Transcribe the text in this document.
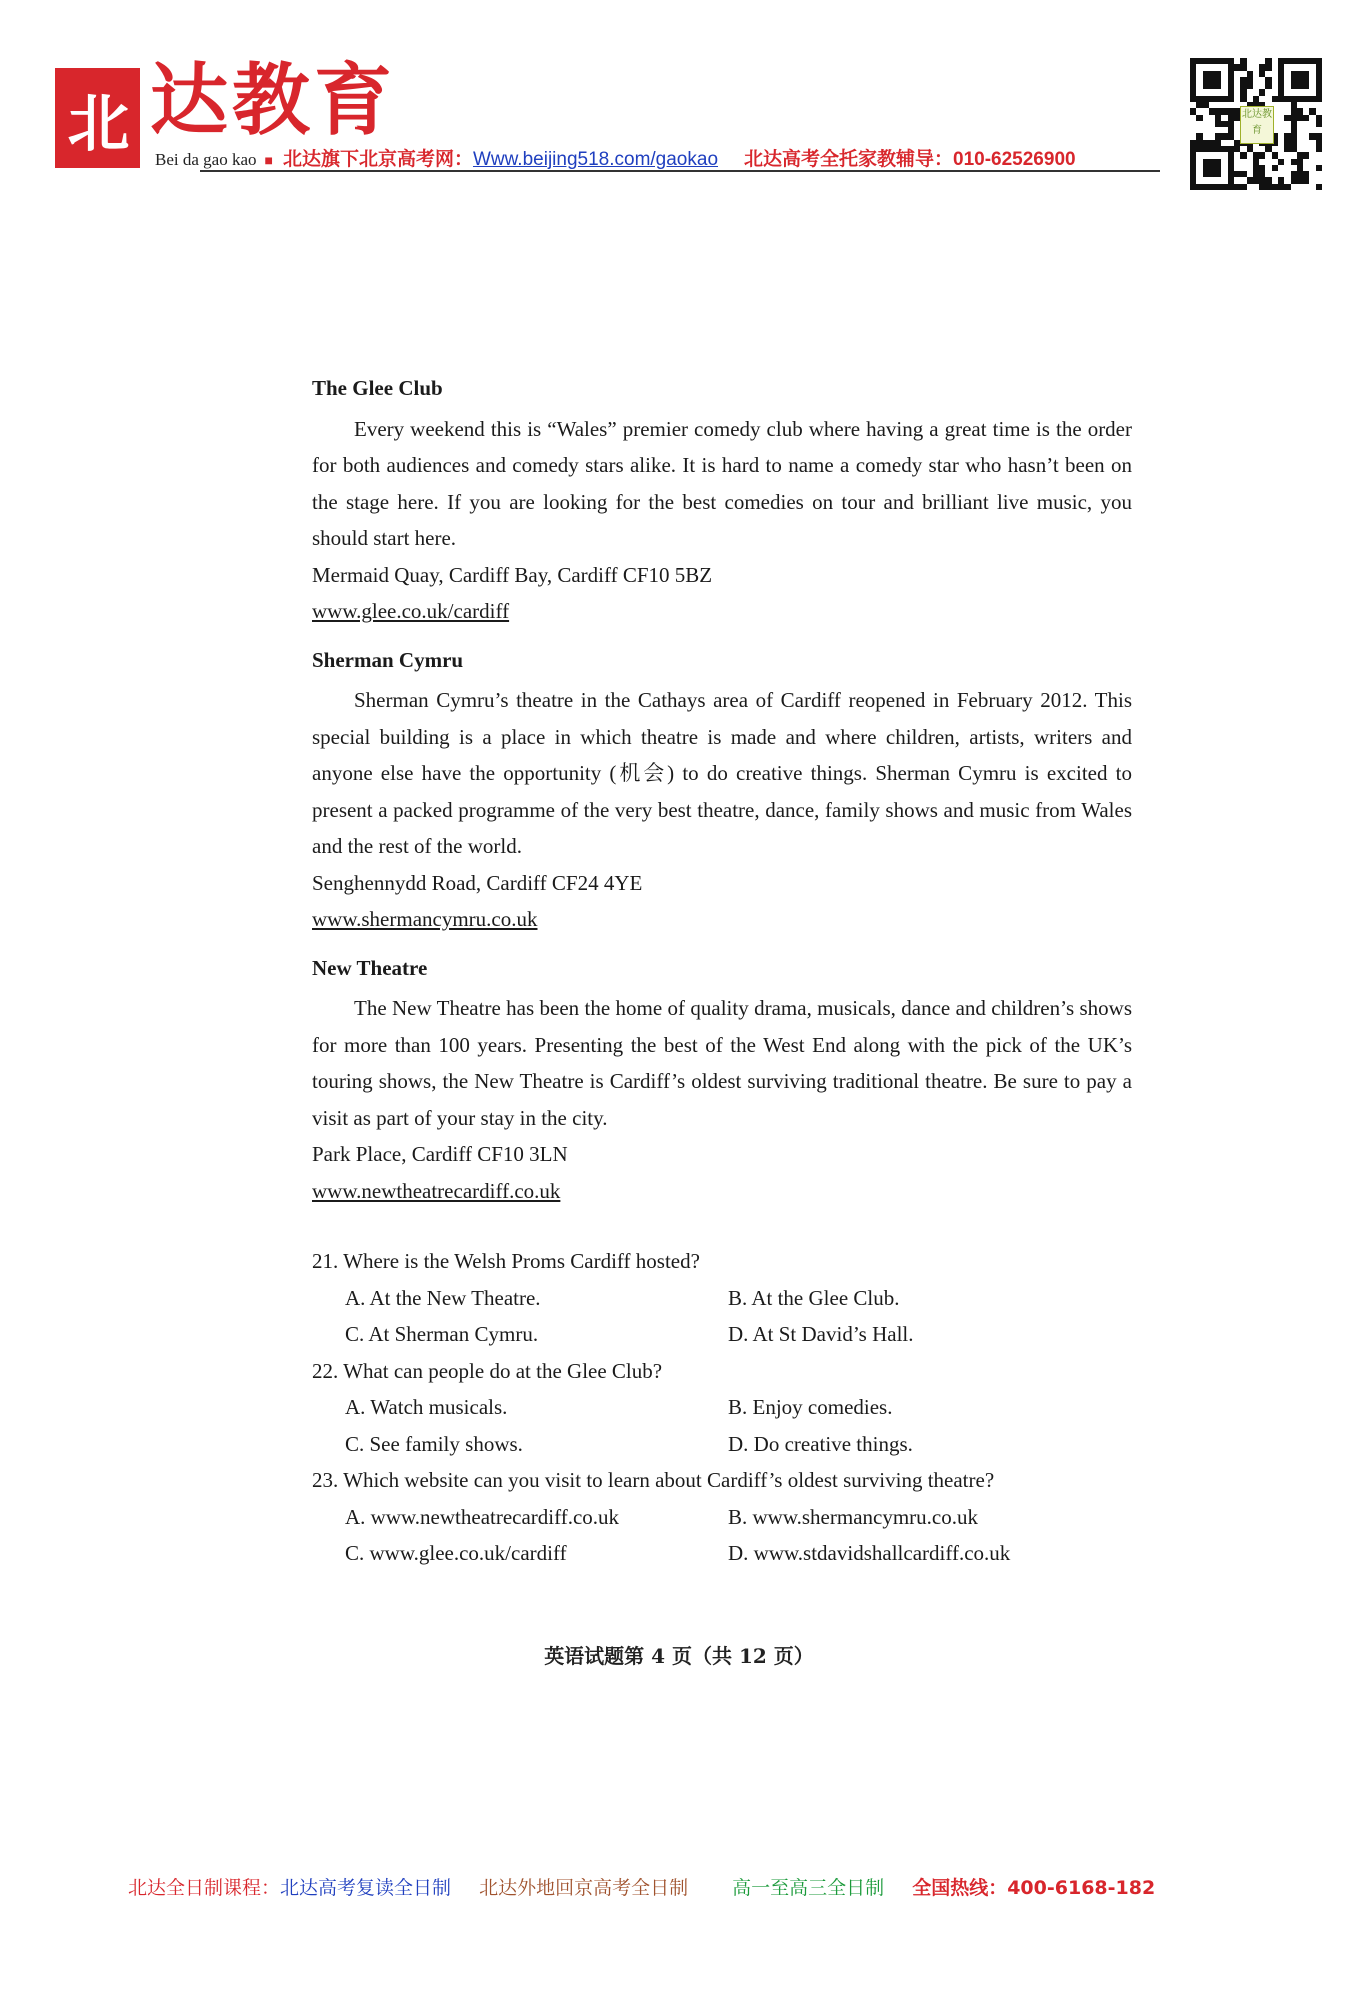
北 达教育
Bei da gao kao ■ 北达旗下北京高考网： Www.beijing518.com/gaokao 北达高考全托家教辅导：010-62526900
北达教育
The Glee Club
Every weekend this is “Wales” premier comedy club where having a great time is the order for both audiences and comedy stars alike. It is hard to name a comedy star who hasn’t been on the stage here. If you are looking for the best comedies on tour and brilliant live music, you should start here.
Mermaid Quay, Cardiff Bay, Cardiff CF10 5BZ
www.glee.co.uk/cardiff
Sherman Cymru
Sherman Cymru’s theatre in the Cathays area of Cardiff reopened in February 2012. This special building is a place in which theatre is made and where children, artists, writers and anyone else have the opportunity (机会) to do creative things. Sherman Cymru is excited to present a packed programme of the very best theatre, dance, family shows and music from Wales and the rest of the world.
Senghennydd Road, Cardiff CF24 4YE
www.shermancymru.co.uk
New Theatre
The New Theatre has been the home of quality drama, musicals, dance and children’s shows for more than 100 years. Presenting the best of the West End along with the pick of the UK’s touring shows, the New Theatre is Cardiff’s oldest surviving traditional theatre. Be sure to pay a visit as part of your stay in the city.
Park Place, Cardiff CF10 3LN
www.newtheatrecardiff.co.uk
21. Where is the Welsh Proms Cardiff hosted?
A. At the New Theatre.	B. At the Glee Club.
C. At Sherman Cymru.	D. At St David’s Hall.
22. What can people do at the Glee Club?
A. Watch musicals.	B. Enjoy comedies.
C. See family shows.	D. Do creative things.
23. Which website can you visit to learn about Cardiff’s oldest surviving theatre?
A. www.newtheatrecardiff.co.uk	B. www.shermancymru.co.uk
C. www.glee.co.uk/cardiff	D. www.stdavidshallcardiff.co.uk
英语试题第 4 页（共 12 页）
北达全日制课程：北达高考复读全日制 北达外地回京高考全日制 高一至高三全日制 全国热线：400-6168-182
